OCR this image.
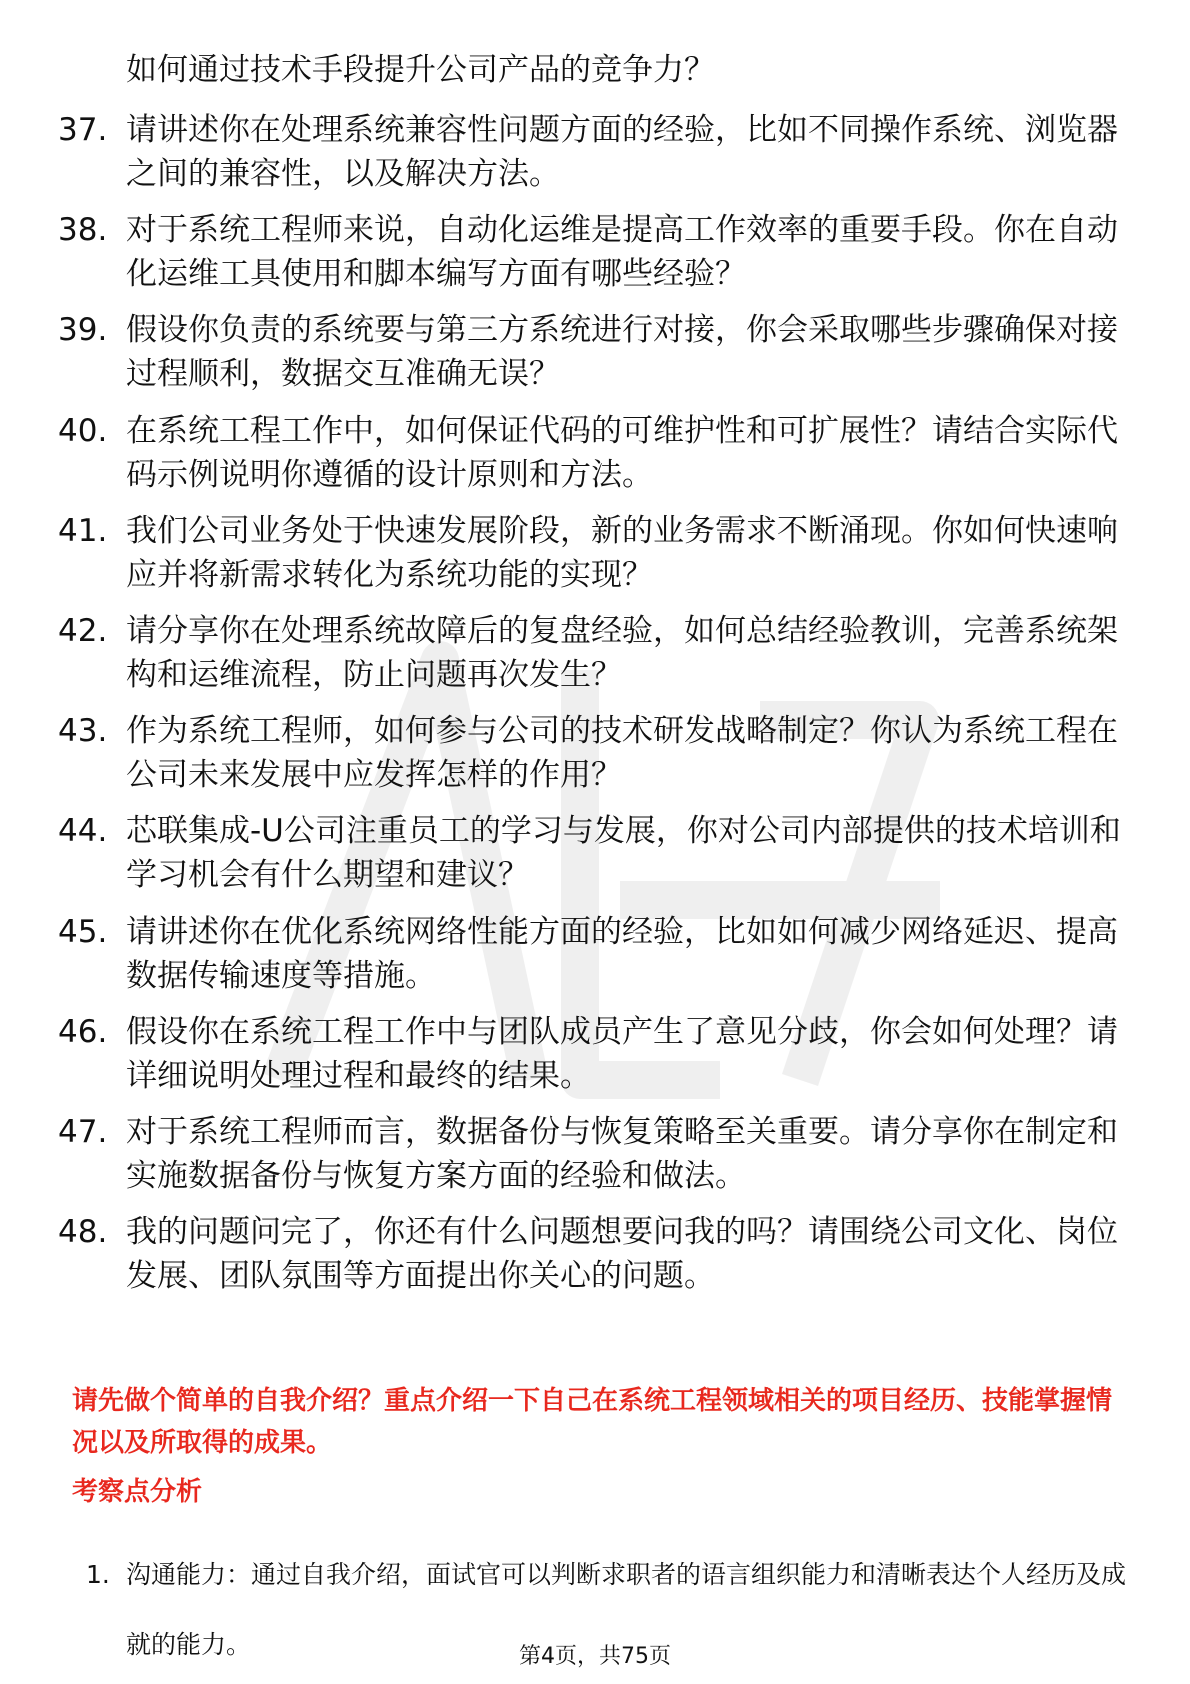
如何通过技术手段提升公司产品的竞争力？

37. 请讲述你在处理系统兼容性问题方面的经验，比如不同操作系统、浏览器之间的兼容性，以及解决方法。
38. 对于系统工程师来说，自动化运维是提高工作效率的重要手段。你在自动化运维工具使用和脚本编写方面有哪些经验？
39. 假设你负责的系统要与第三方系统进行对接，你会采取哪些步骤确保对接过程顺利，数据交互准确无误？
40. 在系统工程工作中，如何保证代码的可维护性和可扩展性？请结合实际代码示例说明你遵循的设计原则和方法。
41. 我们公司业务处于快速发展阶段，新的业务需求不断涌现。你如何快速响应并将新需求转化为系统功能的实现？
42. 请分享你在处理系统故障后的复盘经验，如何总结经验教训，完善系统架构和运维流程，防止问题再次发生？
43. 作为系统工程师，如何参与公司的技术研发战略制定？你认为系统工程在公司未来发展中应发挥怎样的作用？
44. 芯联集成-U公司注重员工的学习与发展，你对公司内部提供的技术培训和学习机会有什么期望和建议？
45. 请讲述你在优化系统网络性能方面的经验，比如如何减少网络延迟、提高数据传输速度等措施。
46. 假设你在系统工程工作中与团队成员产生了意见分歧，你会如何处理？请详细说明处理过程和最终的结果。
47. 对于系统工程师而言，数据备份与恢复策略至关重要。请分享你在制定和实施数据备份与恢复方案方面的经验和做法。
48. 我的问题问完了，你还有什么问题想要问我的吗？请围绕公司文化、岗位发展、团队氛围等方面提出你关心的问题。

请先做个简单的自我介绍？重点介绍一下自己在系统工程领域相关的项目经历、技能掌握情况以及所取得的成果。

考察点分析
1. 沟通能力：通过自我介绍，面试官可以判断求职者的语言组织能力和清晰表达个人经历及成就的能力。	第4页，共75页
